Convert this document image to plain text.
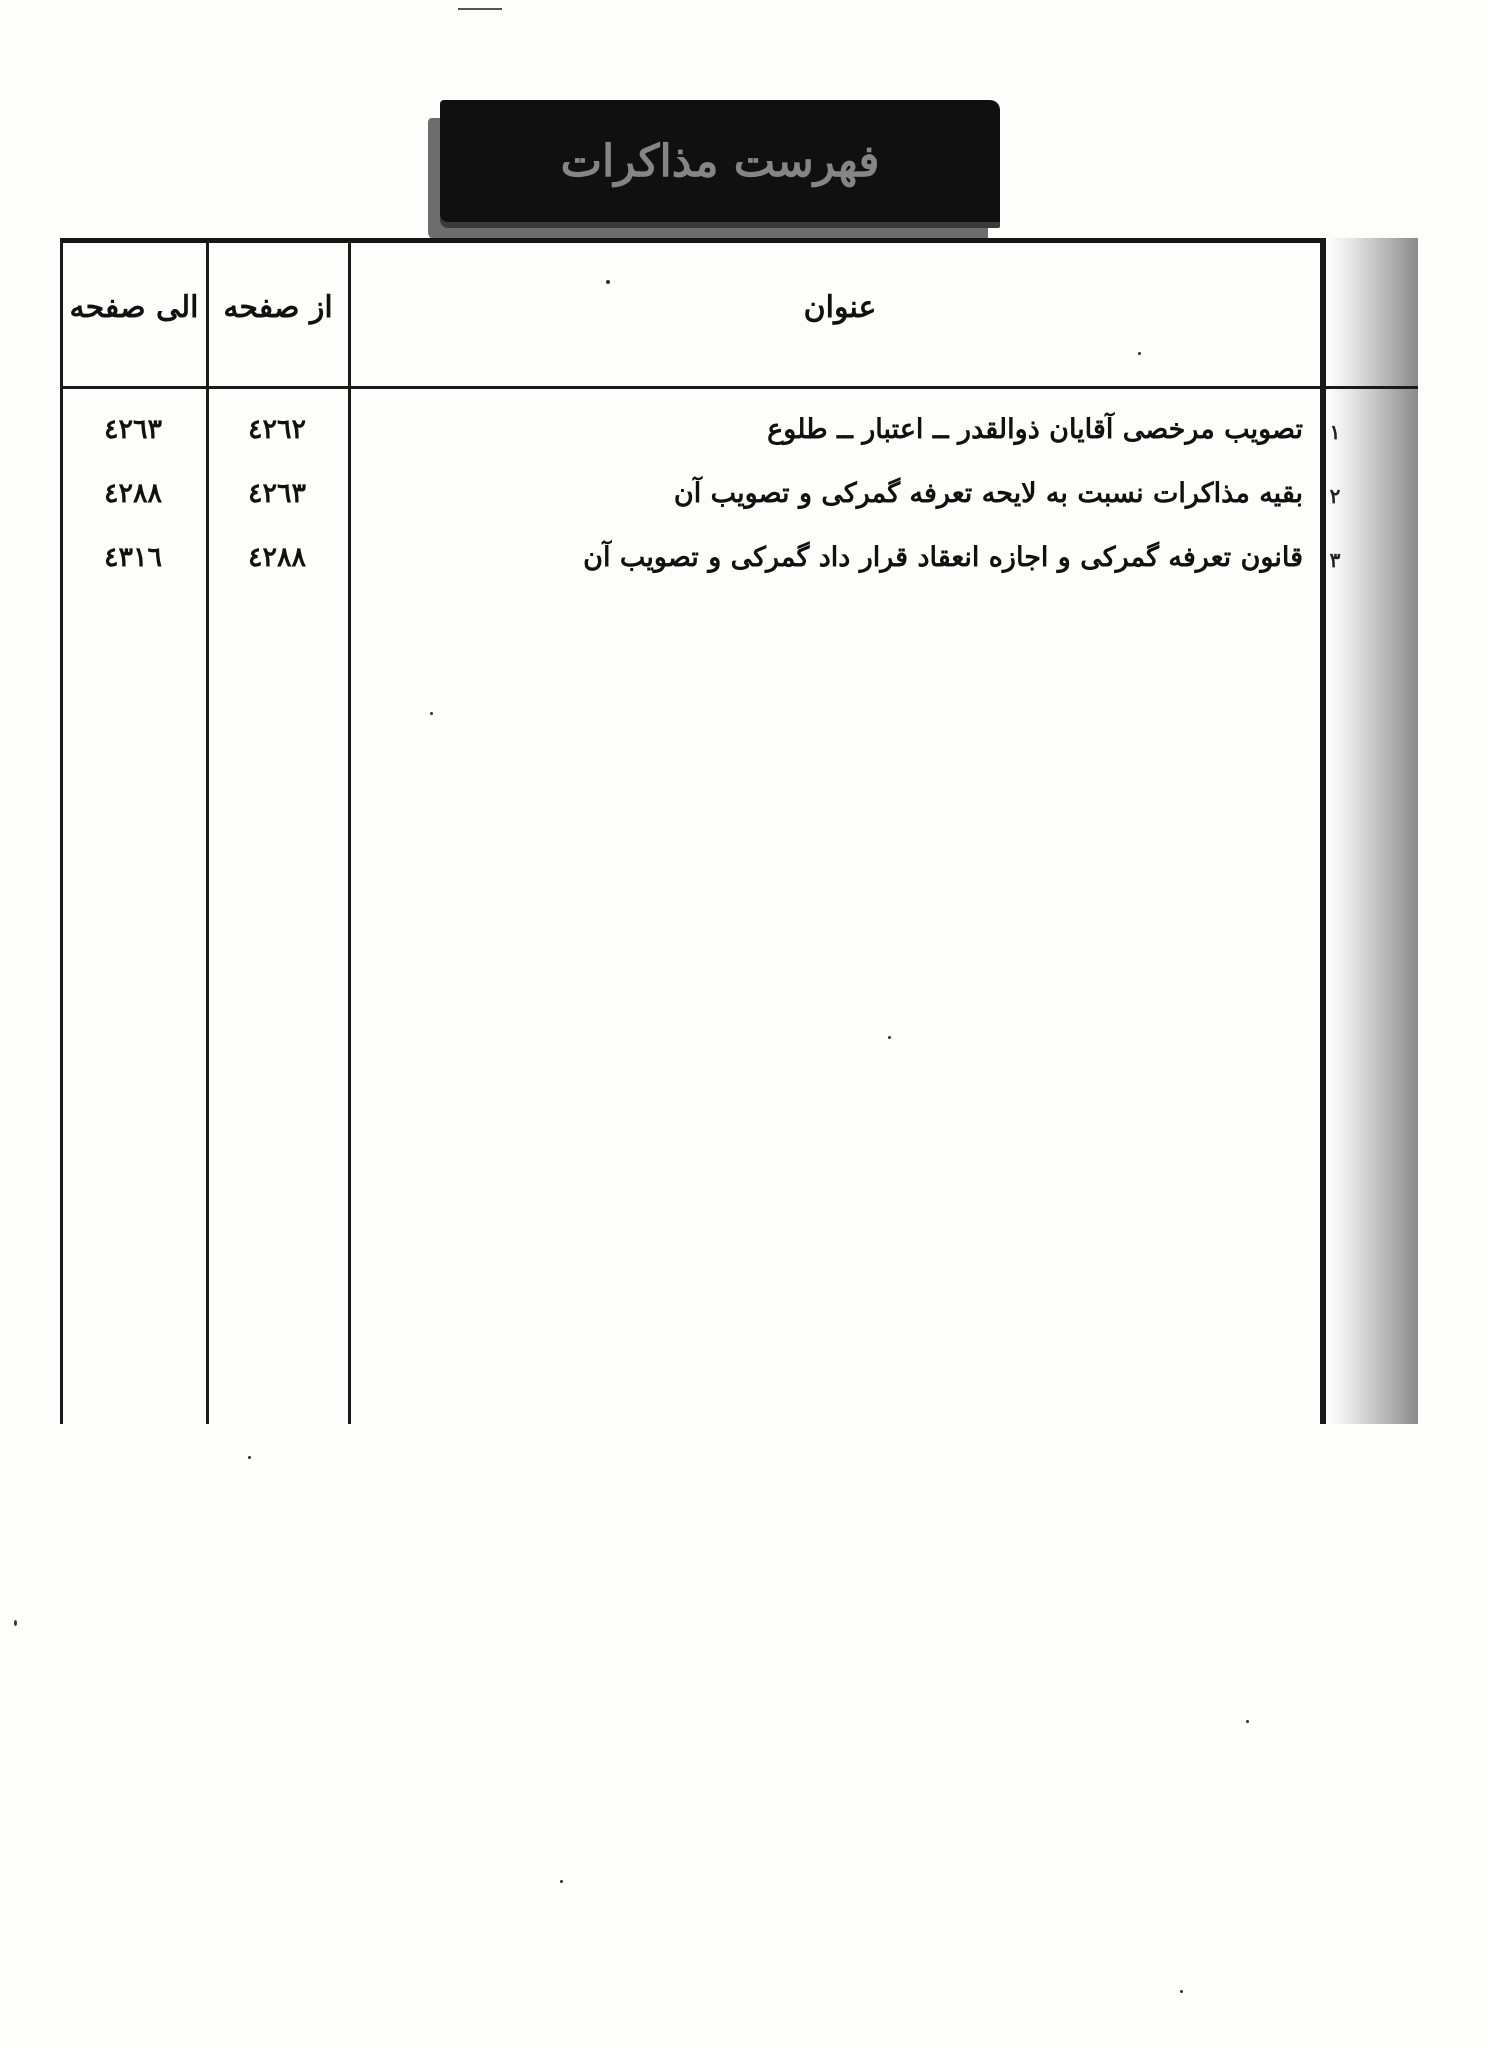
فهرست مذاکرات
عنوان
از صفحه
الی صفحه
۱
تصویب مرخصی آقایان ذوالقدر ــ اعتبار ــ طلوع
٤٢٦٢
٤٢٦٣
۲
بقیه مذاکرات نسبت به لایحه تعرفه گمرکی و تصویب آن
٤٢٦٣
٤٢٨٨
۳
قانون تعرفه گمرکی و اجازه انعقاد قرار داد گمرکی و تصویب آن
٤٢٨٨
٤٣١٦
